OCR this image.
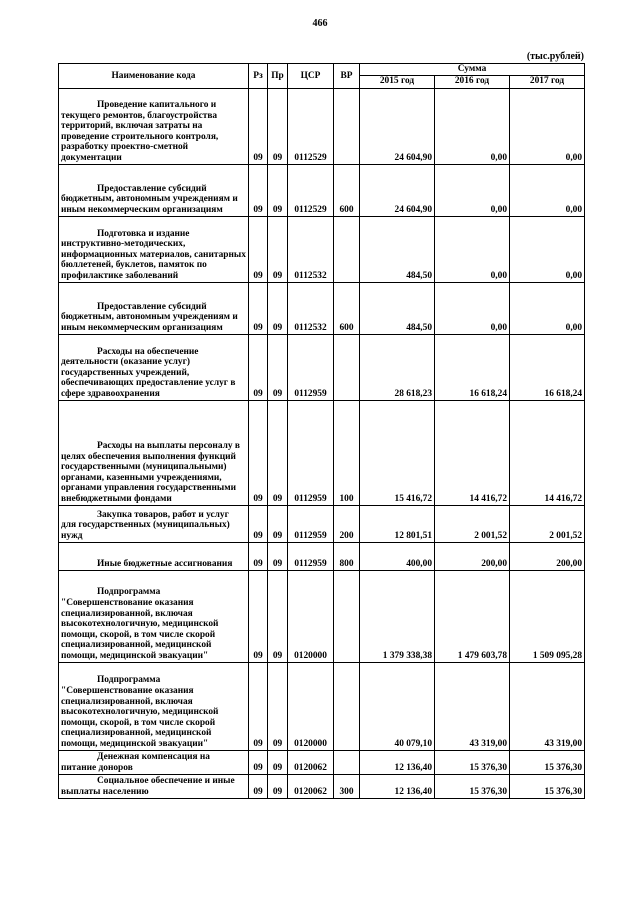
466
(тыс.рублей)
Наименование кода	Рз	Пр	ЦСР	ВР	Сумма		
					2015 год	2016 год	2017 год
Проведение капитального и текущего ремонтов, благоустройства территорий, включая затраты на проведение строительного контроля, разработку проектно-сметной документации	09	09	0112529		24 604,90	0,00	0,00
Предоставление субсидий бюджетным, автономным учреждениям и иным некоммерческим организациям	09	09	0112529	600	24 604,90	0,00	0,00
Подготовка и издание инструктивно-методических, информационных материалов, санитарных бюллетеней, буклетов, памяток по профилактике заболеваний	09	09	0112532		484,50	0,00	0,00
Предоставление субсидий бюджетным, автономным учреждениям и иным некоммерческим организациям	09	09	0112532	600	484,50	0,00	0,00
Расходы на обеспечение деятельности (оказание услуг) государственных учреждений, обеспечивающих предоставление услуг в сфере здравоохранения	09	09	0112959		28 618,23	16 618,24	16 618,24
Расходы на выплаты персоналу в целях обеспечения выполнения функций государственными (муниципальными) органами, казенными учреждениями, органами управления государственными внебюджетными фондами	09	09	0112959	100	15 416,72	14 416,72	14 416,72
Закупка товаров, работ и услуг для государственных (муниципальных) нужд	09	09	0112959	200	12 801,51	2 001,52	2 001,52
Иные бюджетные ассигнования	09	09	0112959	800	400,00	200,00	200,00
Подпрограмма "Совершенствование оказания специализированной, включая высокотехнологичную, медицинской помощи, скорой, в том числе скорой специализированной, медицинской помощи, медицинской эвакуации"	09	09	0120000		1 379 338,38	1 479 603,78	1 509 095,28
Подпрограмма "Совершенствование оказания специализированной, включая высокотехнологичную, медицинской помощи, скорой, в том числе скорой специализированной, медицинской помощи, медицинской эвакуации"	09	09	0120000		40 079,10	43 319,00	43 319,00
Денежная компенсация на питание доноров	09	09	0120062		12 136,40	15 376,30	15 376,30
Социальное обеспечение и иные выплаты населению	09	09	0120062	300	12 136,40	15 376,30	15 376,30
